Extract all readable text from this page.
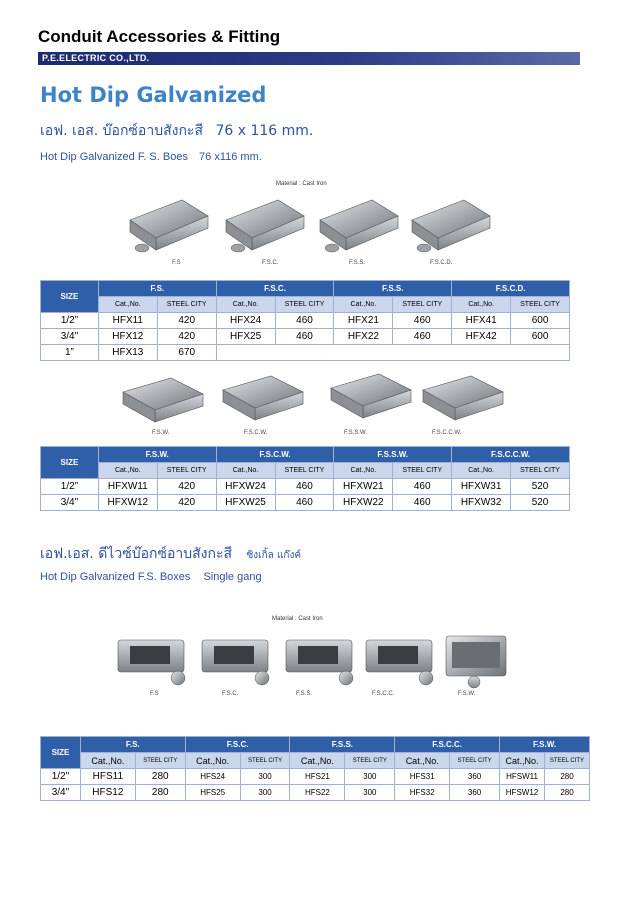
Conduit Accessories & Fitting
P.E.ELECTRIC CO.,LTD.
Hot Dip Galvanized
เอฟ. เอส. บ๊อกซ์อาบสังกะสี 76 x 116 mm.
Hot Dip Galvanized F. S. Boes 76 x116 mm.
Material : Cast Iron
F.S	F.S.C.	F.S.S.	F.S.C.D.
SIZE	F.S.		F.S.C.		F.S.S.		F.S.C.D.	
	Cat.,No.	STEEL CITY	Cat.,No.	STEEL CITY	Cat.,No.	STEEL CITY	Cat.,No.	STEEL CITY
1/2”	HFX11	420	HFX24	460	HFX21	460	HFX41	600
3/4"	HFX12	420	HFX25	460	HFX22	460	HFX42	600
1”	HFX13	670						
F.S.W.	F.S.C.W.	F.S.S.W.	F.S.C.C.W.
SIZE	F.S.W.		F.S.C.W.		F.S.S.W.		F.S.C.C.W.	
	Cat.,No.	STEEL CITY	Cat.,No.	STEEL CITY	Cat.,No.	STEEL CITY	Cat.,No.	STEEL CITY
1/2”	HFXW11	420	HFXW24	460	HFXW21	460	HFXW31	520
3/4"	HFXW12	420	HFXW25	460	HFXW22	460	HFXW32	520
เอฟ.เอส. ดีไวซ์บ๊อกซ์อาบสังกะสี ซิงเกิ้ล แก๊งค์
Hot Dip Galvanized F.S. Boxes Single gang
Material : Cast Iron
F.S	F.S.C.	F.S.S.	F.S.C.C.	F.S.W.
SIZE	F.S.		F.S.C.		F.S.S.		F.S.C.C.		F.S.W.	
	Cat.,No.	STEEL CITY	Cat.,No.	STEEL CITY	Cat.,No.	STEEL CITY	Cat.,No.	STEEL CITY	Cat.,No.	STEEL CITY
1/2"	HFS11	280	HFS24	300	HFS21	300	HFS31	360	HFSW11	280
3/4"	HFS12	280	HFS25	300	HFS22	300	HFS32	360	HFSW12	280
